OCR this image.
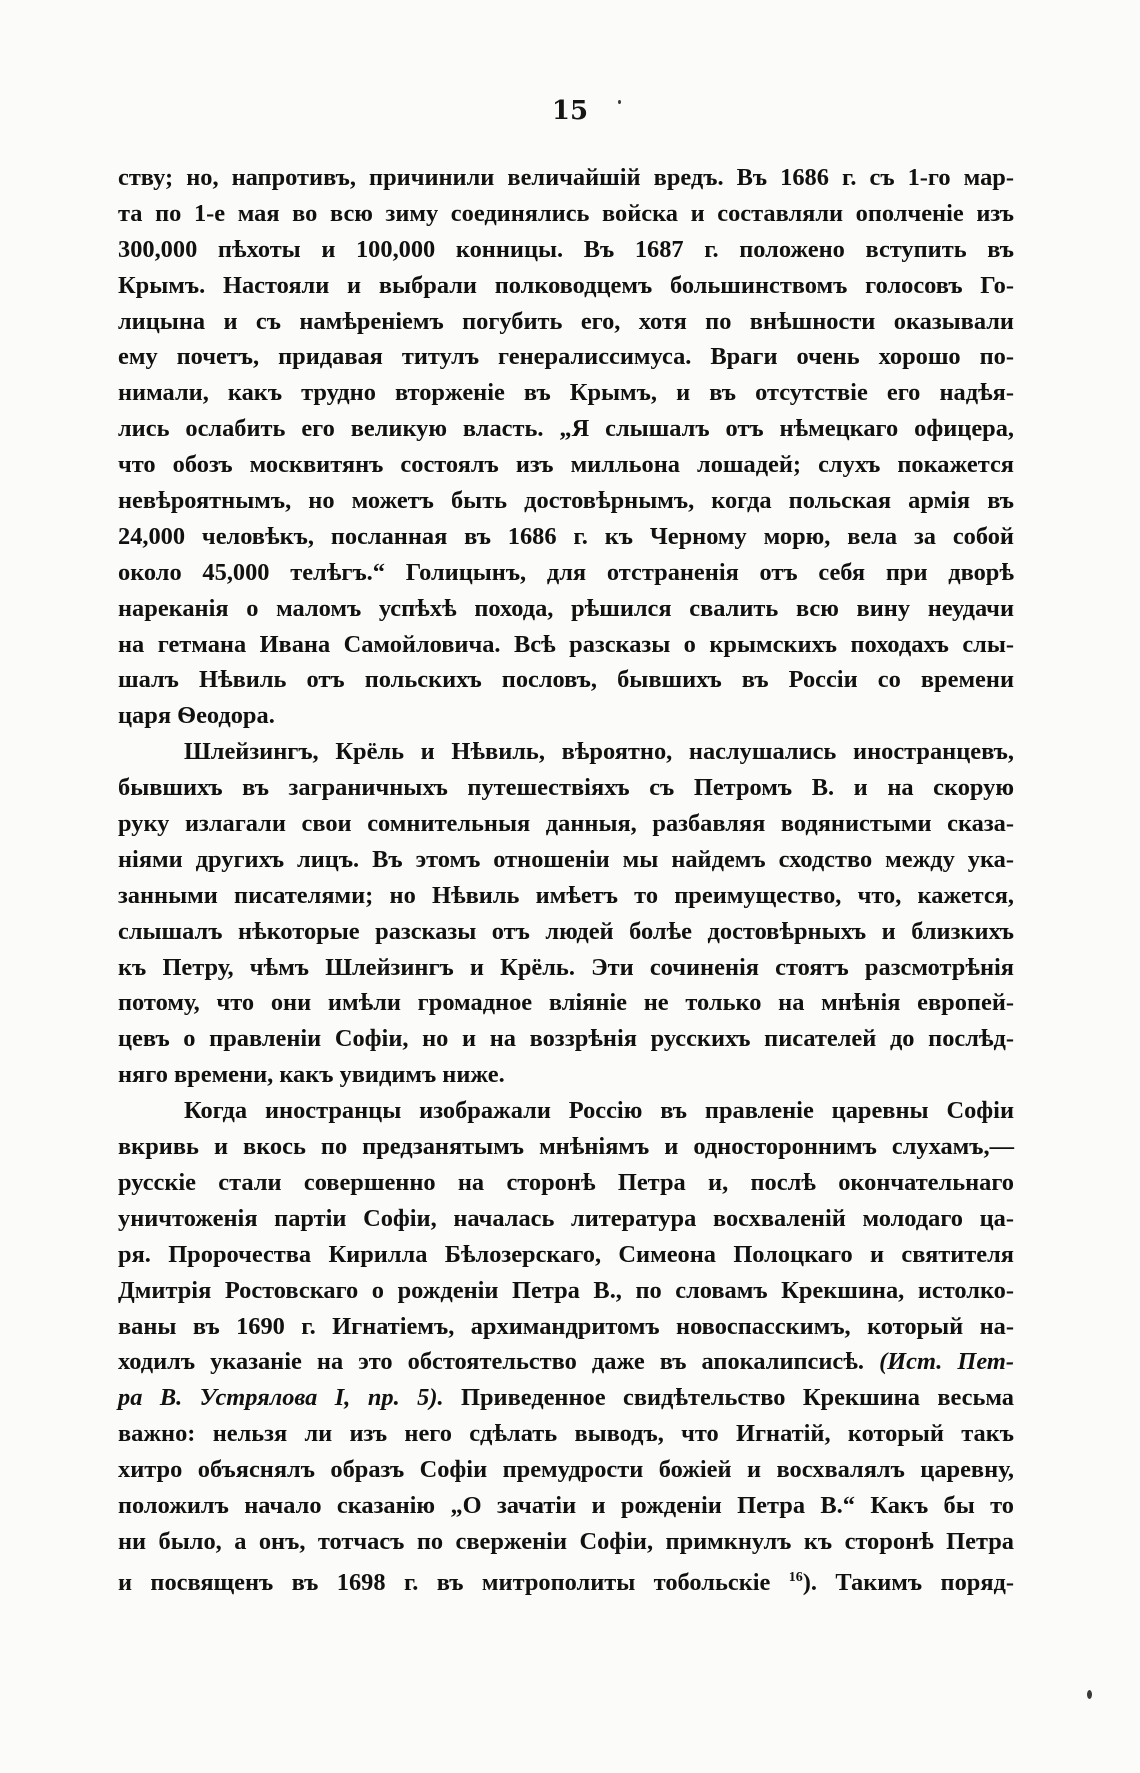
15
ству; но, напротивъ, причинили величайшій вредъ. Въ 1686 г. съ 1-го мар-
та по 1-е мая во всю зиму соединялись войска и составляли ополченіе изъ
300,000 пѣхоты и 100,000 конницы. Въ 1687 г. положено вступить въ
Крымъ. Настояли и выбрали полководцемъ большинствомъ голосовъ Го-
лицына и съ намѣреніемъ погубить его, хотя по внѣшности оказывали
ему почетъ, придавая титулъ генералиссимуса. Враги очень хорошо по-
нимали, какъ трудно вторженіе въ Крымъ, и въ отсутствіе его надѣя-
лись ослабить его великую власть. „Я слышалъ отъ нѣмецкаго офицера,
что обозъ москвитянъ состоялъ изъ милльона лошадей; слухъ покажется
невѣроятнымъ, но можетъ быть достовѣрнымъ, когда польская армія въ
24,000 человѣкъ, посланная въ 1686 г. къ Черному морю, вела за собой
около 45,000 телѣгъ.“ Голицынъ, для отстраненія отъ себя при дворѣ
нареканія о маломъ успѣхѣ похода, рѣшился свалить всю вину неудачи
на гетмана Ивана Самойловича. Всѣ разсказы о крымскихъ походахъ слы-
шалъ Нѣвиль отъ польскихъ пословъ, бывшихъ въ Россіи со времени
царя Ѳеодора.
Шлейзингъ, Крёль и Нѣвиль, вѣроятно, наслушались иностранцевъ,
бывшихъ въ заграничныхъ путешествіяхъ съ Петромъ В. и на скорую
руку излагали свои сомнительныя данныя, разбавляя водянистыми сказа-
ніями другихъ лицъ. Въ этомъ отношеніи мы найдемъ сходство между ука-
занными писателями; но Нѣвиль имѣетъ то преимущество, что, кажется,
слышалъ нѣкоторые разсказы отъ людей болѣе достовѣрныхъ и близкихъ
къ Петру, чѣмъ Шлейзингъ и Крёль. Эти сочиненія стоятъ разсмотрѣнія
потому, что они имѣли громадное вліяніе не только на мнѣнія европей-
цевъ о правленіи Софіи, но и на воззрѣнія русскихъ писателей до послѣд-
няго времени, какъ увидимъ ниже.
Когда иностранцы изображали Россію въ правленіе царевны Софіи
вкривь и вкось по предзанятымъ мнѣніямъ и одностороннимъ слухамъ,—
русскіе стали совершенно на сторонѣ Петра и, послѣ окончательнаго
уничтоженія партіи Софіи, началась литература восхваленій молодаго ца-
ря. Пророчества Кирилла Бѣлозерскаго, Симеона Полоцкаго и святителя
Дмитрія Ростовскаго о рожденіи Петра В., по словамъ Крекшина, истолко-
ваны въ 1690 г. Игнатіемъ, архимандритомъ новоспасскимъ, который на-
ходилъ указаніе на это обстоятельство даже въ апокалипсисѣ. (Ист. Пет-
ра В. Устрялова I, пр. 5). Приведенное свидѣтельство Крекшина весьма
важно: нельзя ли изъ него сдѣлать выводъ, что Игнатій, который такъ
хитро объяснялъ образъ Софіи премудрости божіей и восхвалялъ царевну,
положилъ начало сказанію „О зачатіи и рожденіи Петра В.“ Какъ бы то
ни было, а онъ, тотчасъ по сверженіи Софіи, примкнулъ къ сторонѣ Петра
и посвященъ въ 1698 г. въ митрополиты тобольскіе $^{16}$). Такимъ поряд-
